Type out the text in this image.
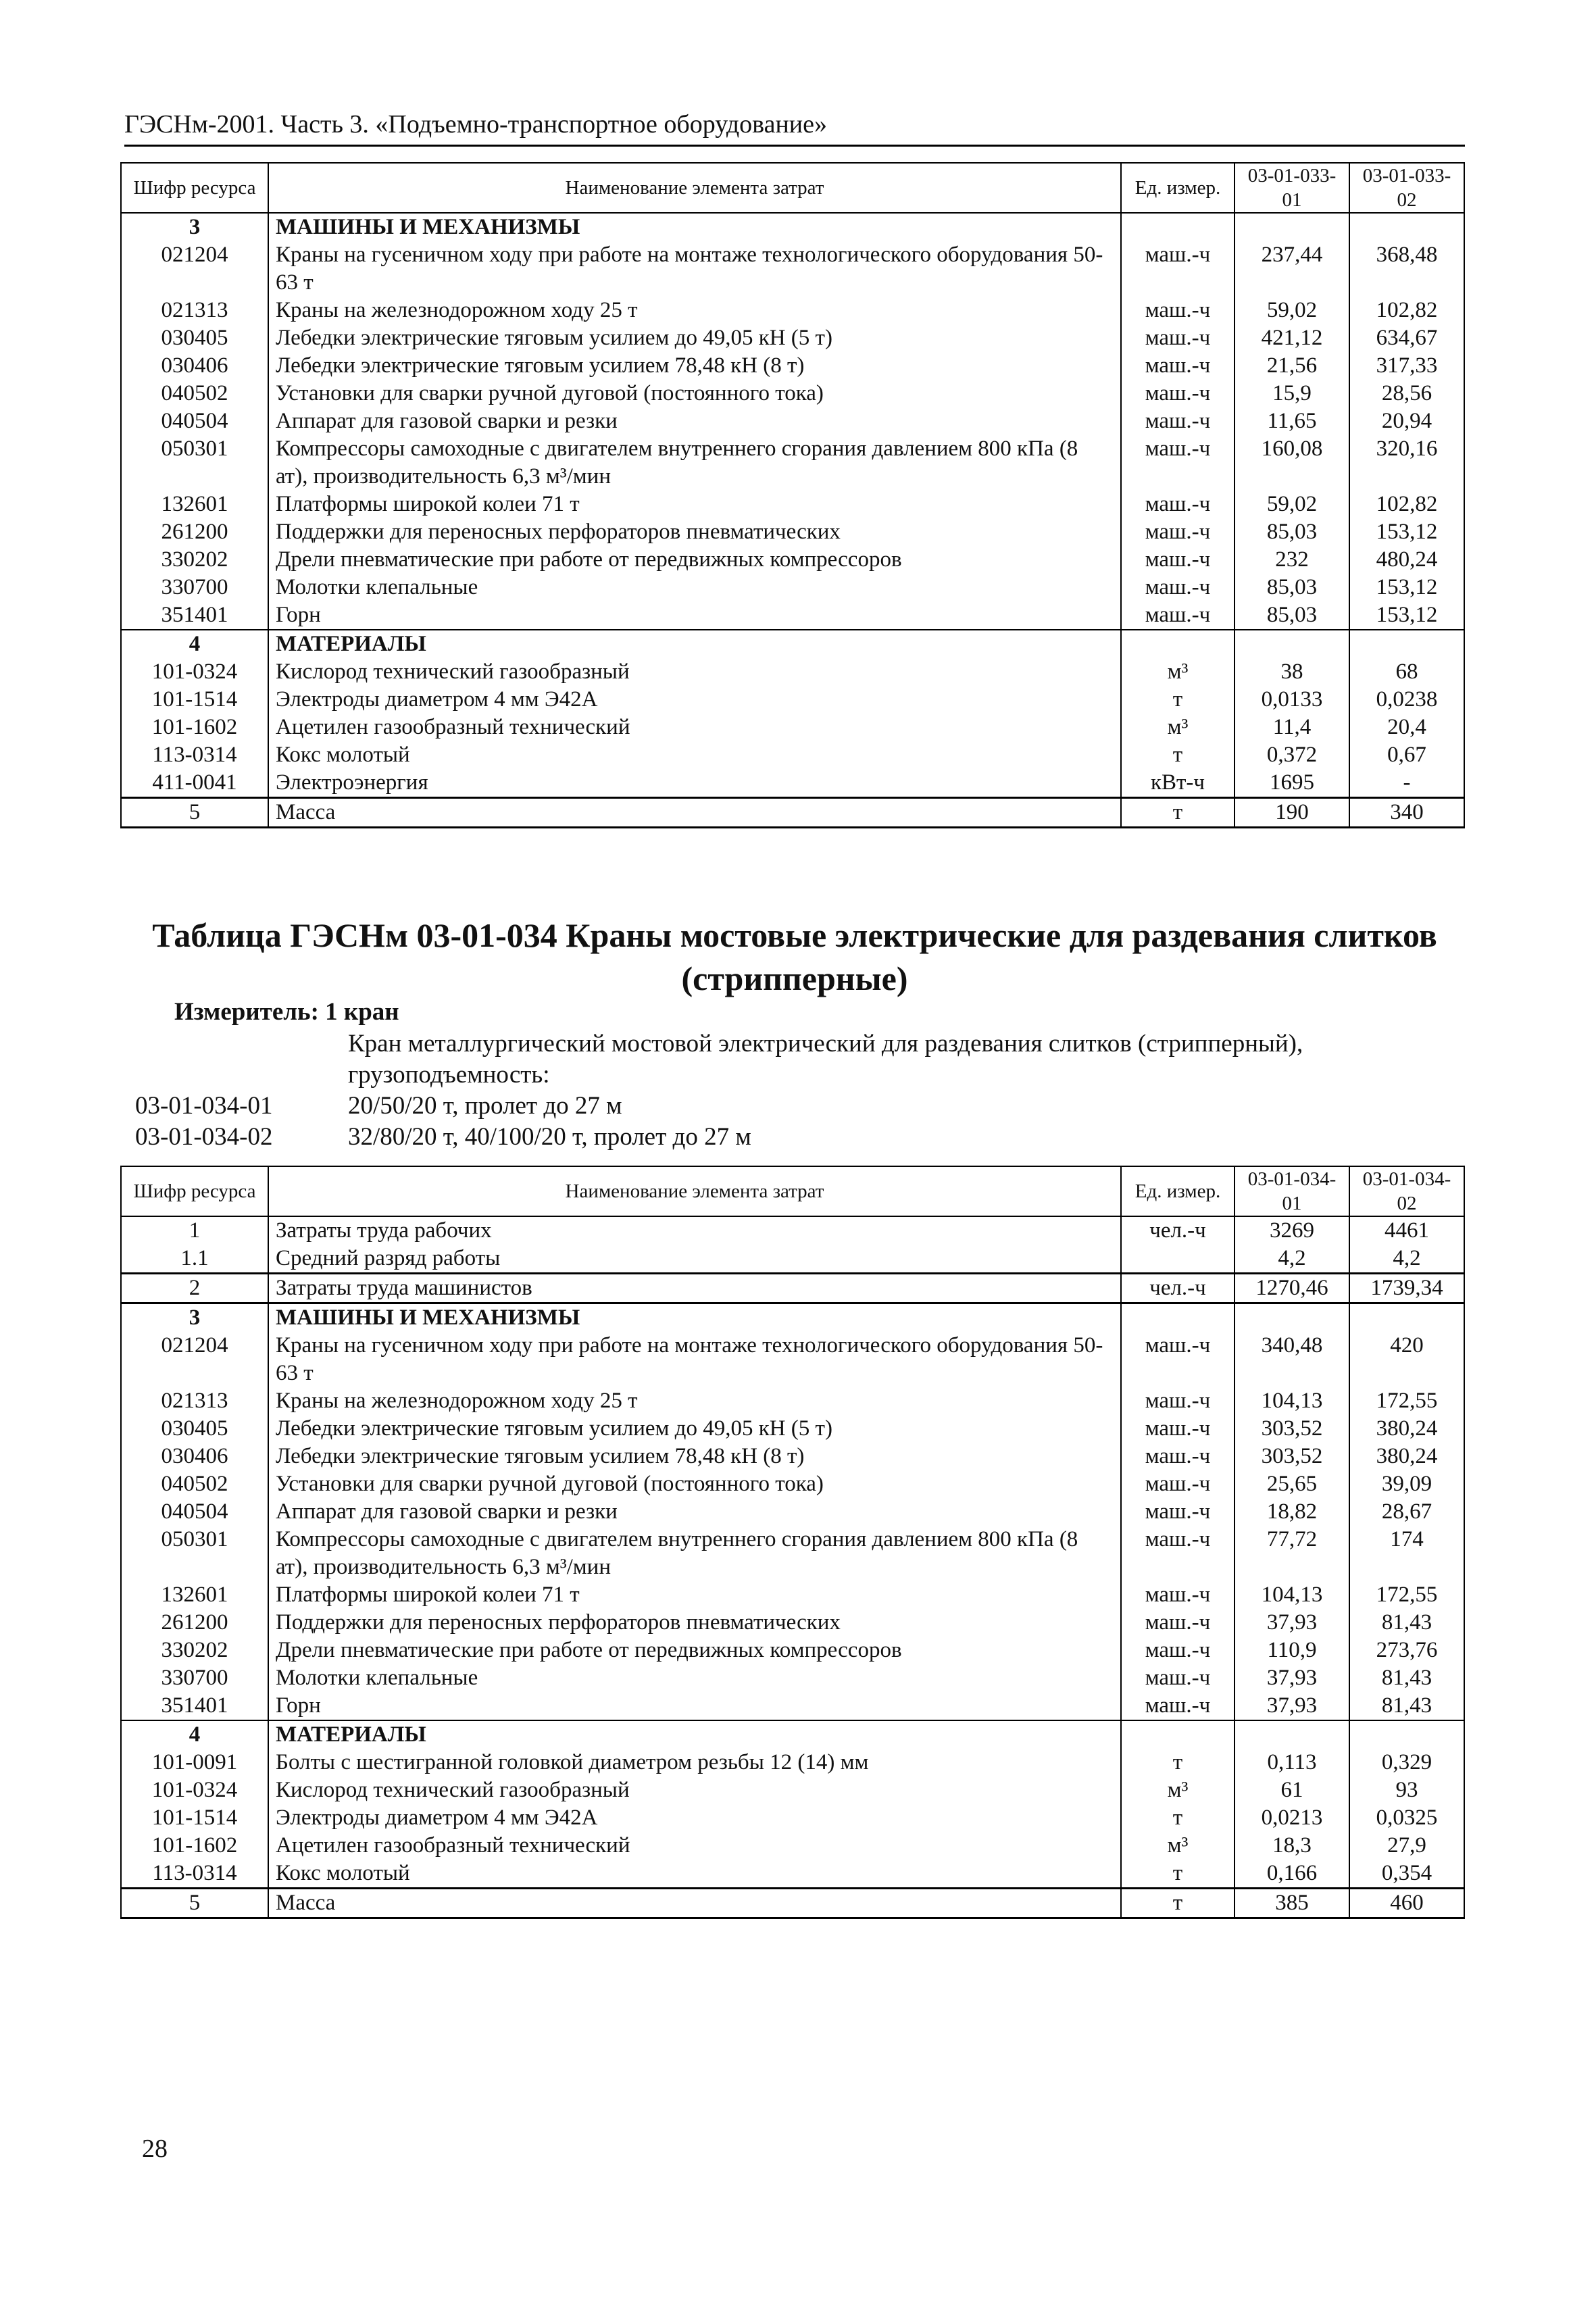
ГЭСНм-2001. Часть 3. «Подъемно-транспортное оборудование»
Шифр ресурса	Наименование элемента затрат	Ед. измер.	03-01-033-01	03-01-033-02
3	МАШИНЫ И МЕХАНИЗМЫ			
021204	Краны на гусеничном ходу при работе на монтаже технологического оборудования 50-63 т	маш.-ч	237,44	368,48
021313	Краны на железнодорожном ходу 25 т	маш.-ч	59,02	102,82
030405	Лебедки электрические тяговым усилием до 49,05 кН (5 т)	маш.-ч	421,12	634,67
030406	Лебедки электрические тяговым усилием 78,48 кН (8 т)	маш.-ч	21,56	317,33
040502	Установки для сварки ручной дуговой (постоянного тока)	маш.-ч	15,9	28,56
040504	Аппарат для газовой сварки и резки	маш.-ч	11,65	20,94
050301	Компрессоры самоходные с двигателем внутреннего сгорания давлением 800 кПа (8 ат), производительность 6,3 м³/мин	маш.-ч	160,08	320,16
132601	Платформы широкой колеи 71 т	маш.-ч	59,02	102,82
261200	Поддержки для переносных перфораторов пневматических	маш.-ч	85,03	153,12
330202	Дрели пневматические при работе от передвижных компрессоров	маш.-ч	232	480,24
330700	Молотки клепальные	маш.-ч	85,03	153,12
351401	Горн	маш.-ч	85,03	153,12
4	МАТЕРИАЛЫ			
101-0324	Кислород технический газообразный	м³	38	68
101-1514	Электроды диаметром 4 мм Э42А	т	0,0133	0,0238
101-1602	Ацетилен газообразный технический	м³	11,4	20,4
113-0314	Кокс молотый	т	0,372	0,67
411-0041	Электроэнергия	кВт-ч	1695	-
5	Масса	т	190	340
Таблица ГЭСНм 03-01-034 Краны мостовые электрические для раздевания слитков (стрипперные)
Измеритель: 1 кран
Кран металлургический мостовой электрический для раздевания слитков (стрипперный), грузоподъемность:
03-01-034-01	20/50/20 т, пролет до 27 м
03-01-034-02	32/80/20 т, 40/100/20 т, пролет до 27 м
Шифр ресурса	Наименование элемента затрат	Ед. измер.	03-01-034-01	03-01-034-02
1	Затраты труда рабочих	чел.-ч	3269	4461
1.1	Средний разряд работы		4,2	4,2
2	Затраты труда машинистов	чел.-ч	1270,46	1739,34
3	МАШИНЫ И МЕХАНИЗМЫ			
021204	Краны на гусеничном ходу при работе на монтаже технологического оборудования 50-63 т	маш.-ч	340,48	420
021313	Краны на железнодорожном ходу 25 т	маш.-ч	104,13	172,55
030405	Лебедки электрические тяговым усилием до 49,05 кН (5 т)	маш.-ч	303,52	380,24
030406	Лебедки электрические тяговым усилием 78,48 кН (8 т)	маш.-ч	303,52	380,24
040502	Установки для сварки ручной дуговой (постоянного тока)	маш.-ч	25,65	39,09
040504	Аппарат для газовой сварки и резки	маш.-ч	18,82	28,67
050301	Компрессоры самоходные с двигателем внутреннего сгорания давлением 800 кПа (8 ат), производительность 6,3 м³/мин	маш.-ч	77,72	174
132601	Платформы широкой колеи 71 т	маш.-ч	104,13	172,55
261200	Поддержки для переносных перфораторов пневматических	маш.-ч	37,93	81,43
330202	Дрели пневматические при работе от передвижных компрессоров	маш.-ч	110,9	273,76
330700	Молотки клепальные	маш.-ч	37,93	81,43
351401	Горн	маш.-ч	37,93	81,43
4	МАТЕРИАЛЫ			
101-0091	Болты с шестигранной головкой диаметром резьбы 12 (14) мм	т	0,113	0,329
101-0324	Кислород технический газообразный	м³	61	93
101-1514	Электроды диаметром 4 мм Э42А	т	0,0213	0,0325
101-1602	Ацетилен газообразный технический	м³	18,3	27,9
113-0314	Кокс молотый	т	0,166	0,354
5	Масса	т	385	460
28
